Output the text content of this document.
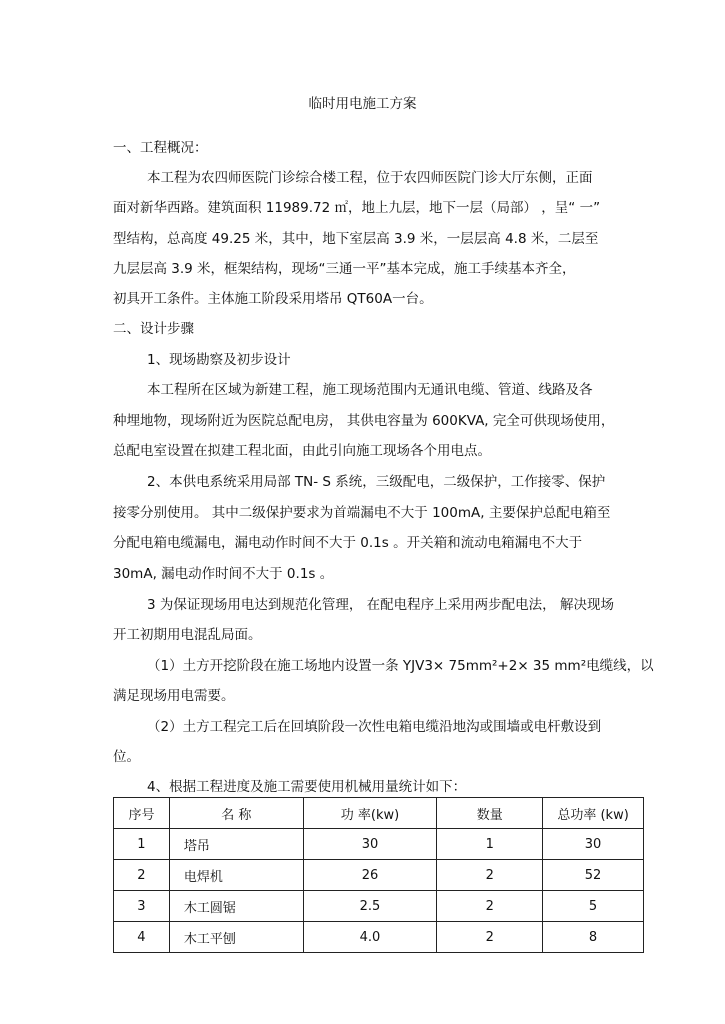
临时用电施工方案
一、工程概况：
本工程为农四师医院门诊综合楼工程，位于农四师医院门诊大厅东侧，正面
面对新华西路。建筑面积 11989.72 ㎡，地上九层，地下一层（局部） ，呈“ 一”
型结构，总高度 49.25 米，其中，地下室层高 3.9 米，一层层高 4.8 米，二层至
九层层高 3.9 米，框架结构，现场“三通一平”基本完成，施工手续基本齐全，
初具开工条件。主体施工阶段采用塔吊 QT60A一台。
二、设计步骤
1、现场勘察及初步设计
本工程所在区域为新建工程，施工现场范围内无通讯电缆、管道、线路及各
种埋地物，现场附近为医院总配电房， 其供电容量为 600KVA, 完全可供现场使用，
总配电室设置在拟建工程北面，由此引向施工现场各个用电点。
2、本供电系统采用局部 TN- S 系统，三级配电，二级保护，工作接零、保护
接零分别使用。 其中二级保护要求为首端漏电不大于 100mA, 主要保护总配电箱至
分配电箱电缆漏电，漏电动作时间不大于 0.1s 。开关箱和流动电箱漏电不大于
30mA, 漏电动作时间不大于 0.1s 。
3 为保证现场用电达到规范化管理， 在配电程序上采用两步配电法， 解决现场
开工初期用电混乱局面。
（1）土方开挖阶段在施工场地内设置一条 YJV3× 75mm²+2× 35 mm²电缆线，以
满足现场用电需要。
（2）土方工程完工后在回填阶段一次性电箱电缆沿地沟或围墙或电杆敷设到
位。
4、根据工程进度及施工需要使用机械用量统计如下：
序号	名 称	功 率(kw)	数量	总功率 (kw)
1	塔吊	30	1	30
2	电焊机	26	2	52
3	木工圆锯	2.5	2	5
4	木工平刨	4.0	2	8
